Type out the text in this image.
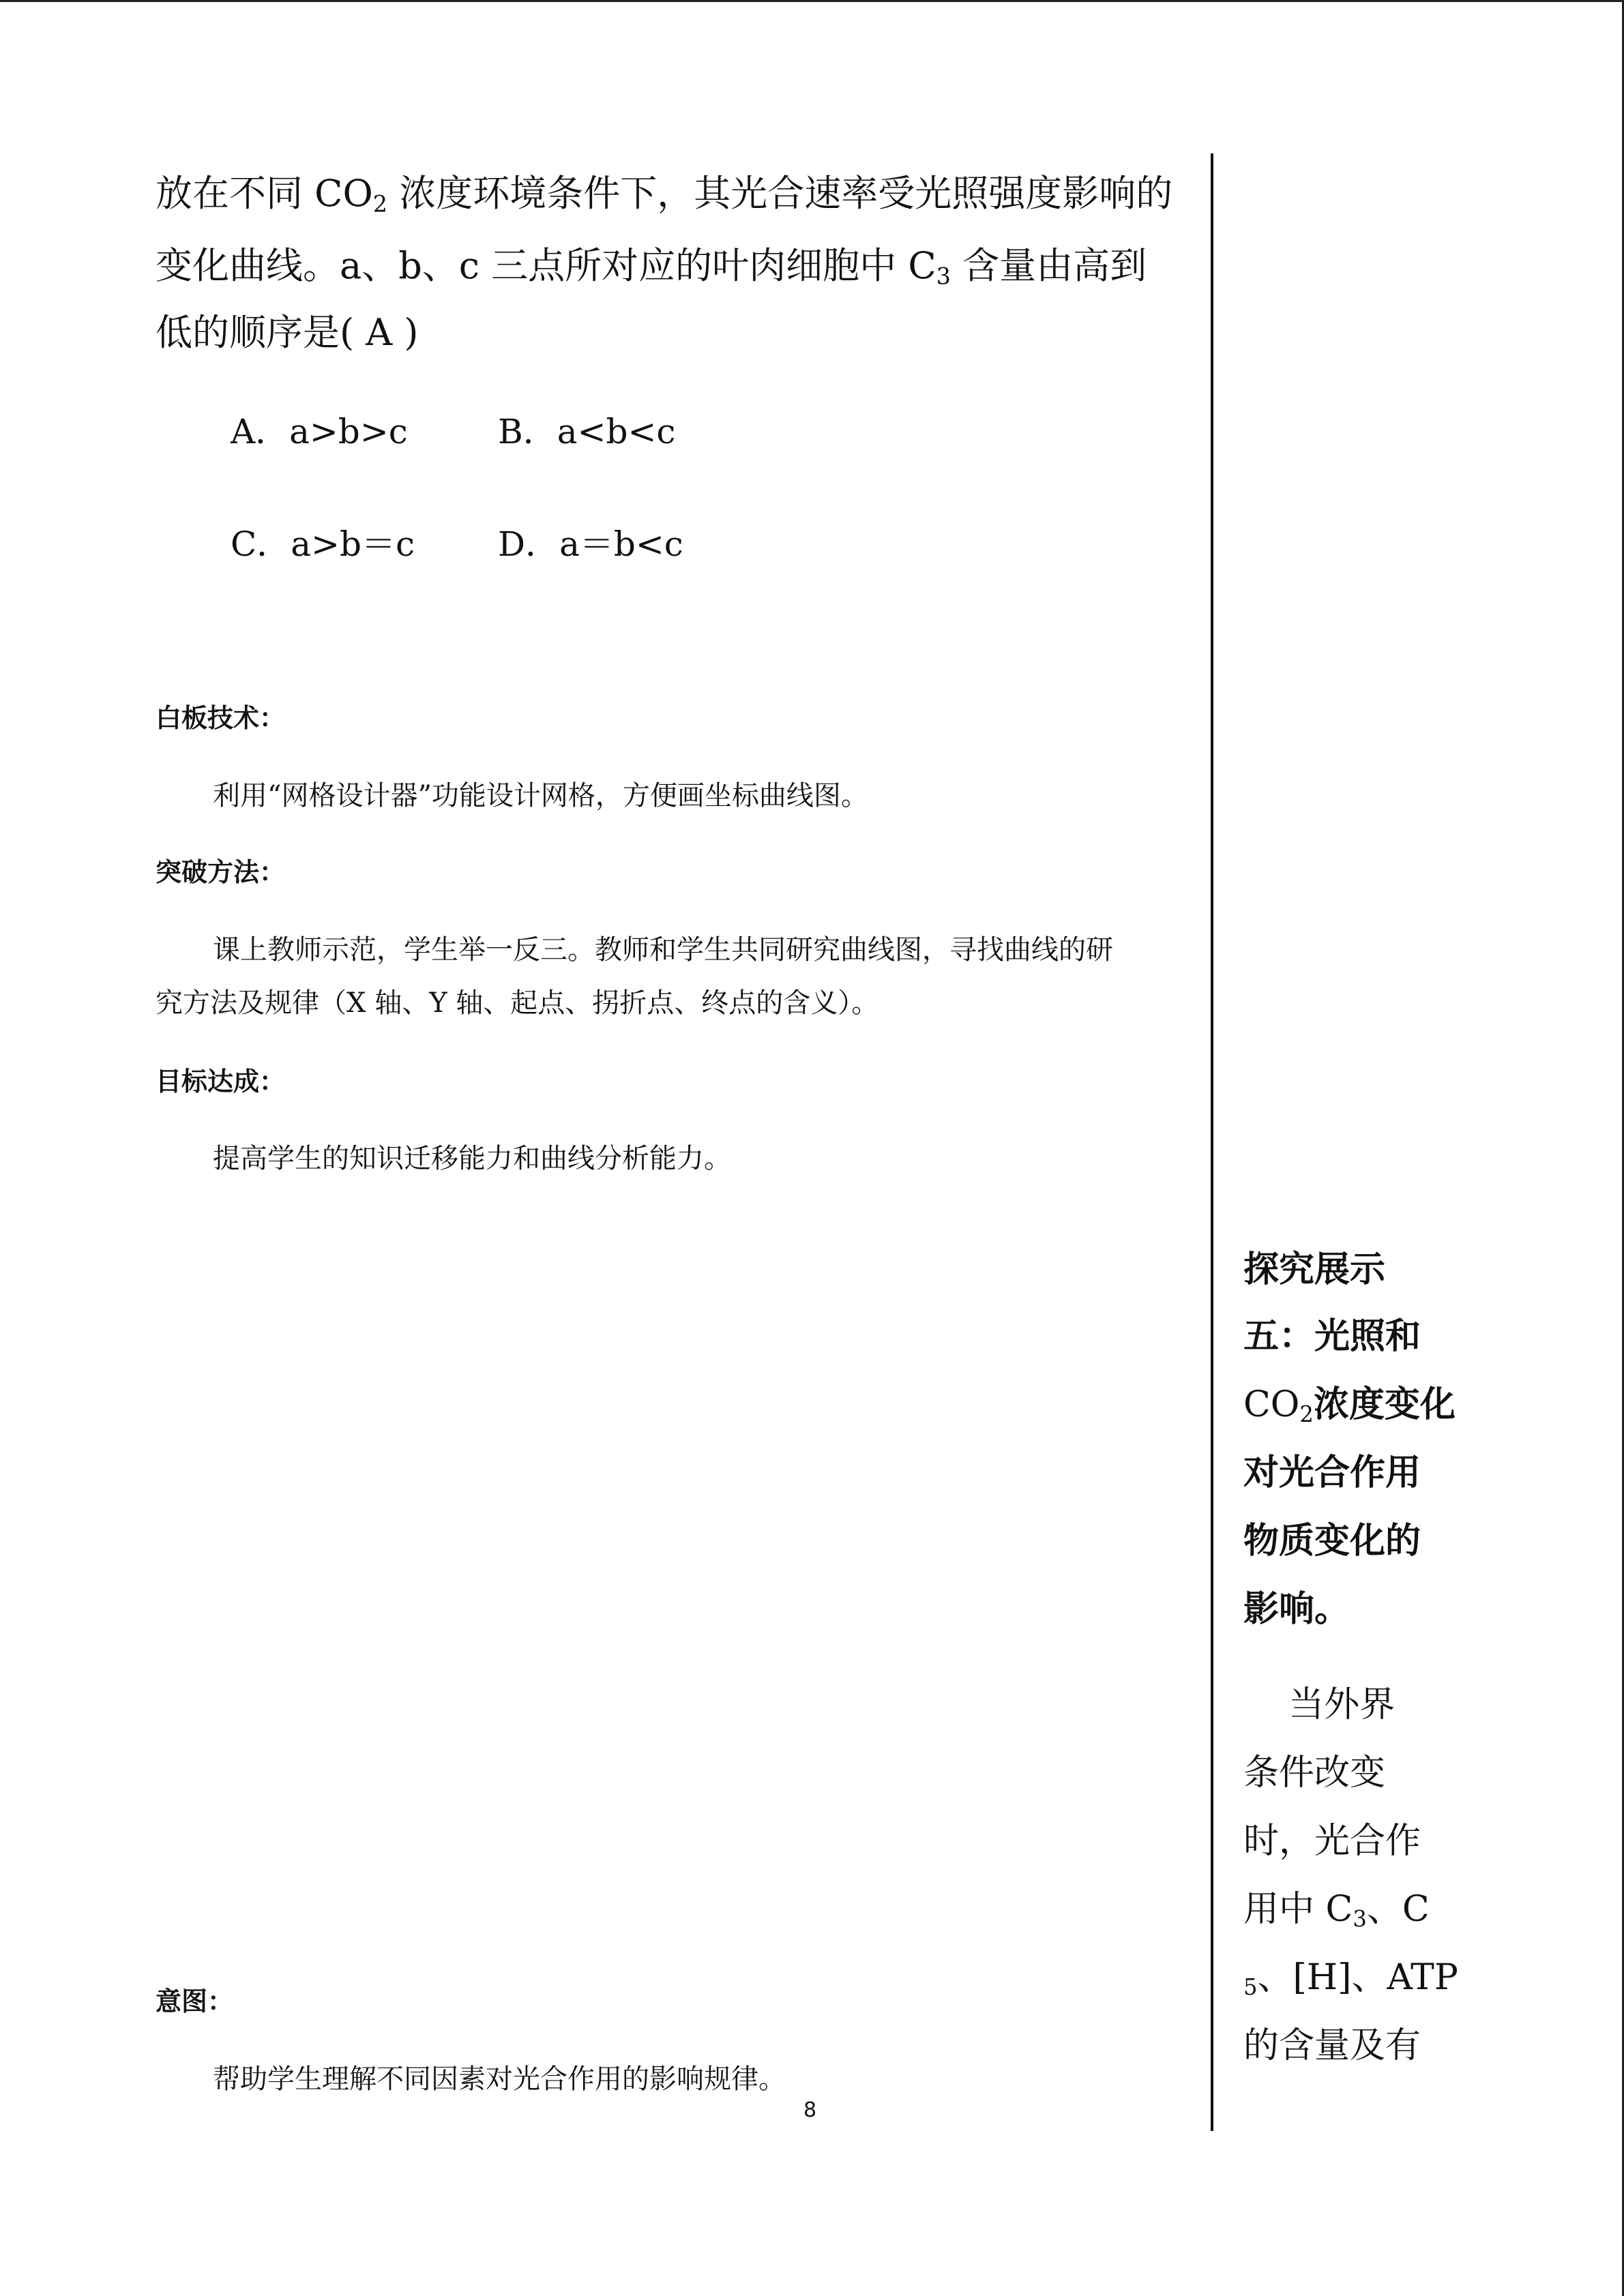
放在不同 $CO_2$ 浓度环境条件下，其光合速率受光照强度影响的
变化曲线。a、b、c 三点所对应的叶肉细胞中 $C_3$ 含量由高到
低的顺序是( A )
A．a>b>c	B．a<b<c
C．a>b＝c D．a＝b<c
白板技术：
利用“网格设计器”功能设计网格，方便画坐标曲线图。
突破方法：
课上教师示范，学生举一反三。教师和学生共同研究曲线图，寻找曲线的研
究方法及规律（X 轴、Y 轴、起点、拐折点、终点的含义）。
目标达成：
提高学生的知识迁移能力和曲线分析能力。
意图：
帮助学生理解不同因素对光合作用的影响规律。
8
探究展示
五：光照和
$CO_2$浓度变化
对光合作用
物质变化的
影响。
当外界
条件改变
时，光合作
用中 $C_3$、C
$_5$、[H]、ATP
的含量及有
